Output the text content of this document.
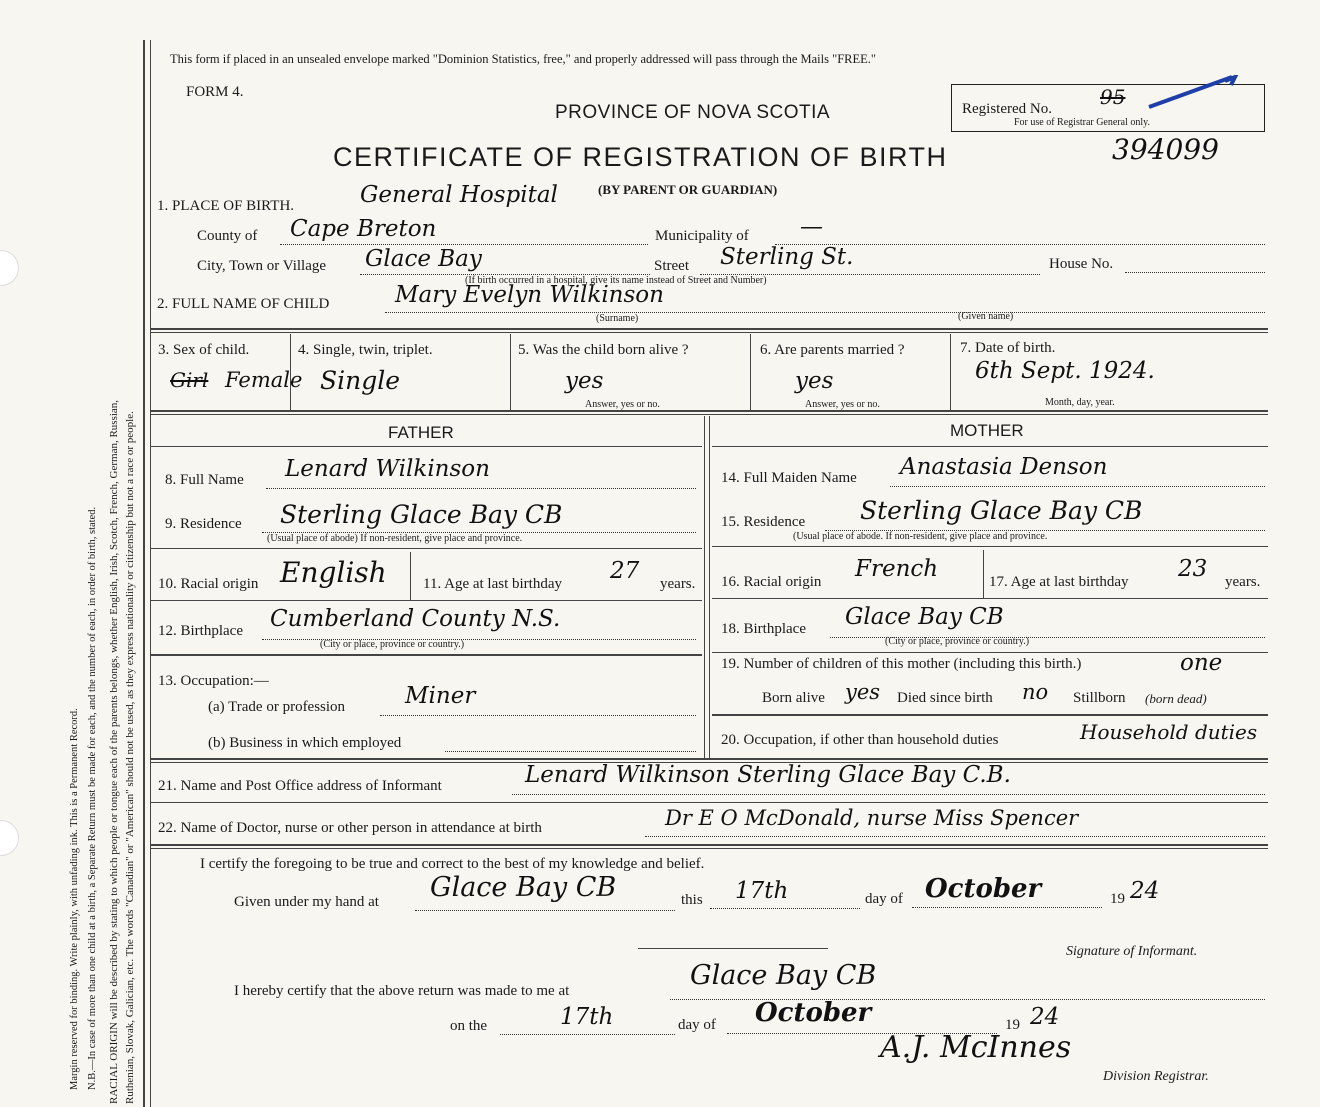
Margin reserved for binding. Write plainly, with unfading ink. This is a Permanent Record. N.B.—In case of more than one child at a birth, a Separate Return must be made for each, and the number of each, in order of birth, stated. RACIAL ORIGIN will be described by stating to which people or tongue each of the parents belongs, whether English, Irish, Scotch, French, German, Russian, Ruthenian, Slovak, Galician, etc. The words "Canadian" or "American" should not be used, as they express nationality or citizenship but not a race or people.
This form if placed in an unsealed envelope marked "Dominion Statistics, free," and properly addressed will pass through the Mails "FREE."
FORM 4.
PROVINCE OF NOVA SCOTIA
CERTIFICATE OF REGISTRATION OF BIRTH
(BY PARENT OR GUARDIAN)
Registered No. 95
For use of Registrar General only.
394099
1. PLACE OF BIRTH.	General Hospital
County of Cape Breton	Municipality of —
City, Town or Village Glace Bay	Street Sterling St.	House No.
(If birth occurred in a hospital, give its name instead of Street and Number)
2. FULL NAME OF CHILD	Mary Evelyn Wilkinson
(Surname)	(Given name)
3. Sex of child.
Girl Female
4. Single, twin, triplet.
Single
5. Was the child born alive ?
yes
Answer, yes or no.
6. Are parents married ?
yes
Answer, yes or no.
7. Date of birth.
6th Sept. 1924.
Month, day, year.
FATHER	MOTHER
8. Full Name Lenard Wilkinson
9. Residence Sterling Glace Bay CB
(Usual place of abode) If non-resident, give place and province.
10. Racial origin English 11. Age at last birthday 27 years.
12. Birthplace Cumberland County N.S.
(City or place, province or country.)
13. Occupation:—
(a) Trade or profession	Miner
(b) Business in which employed
14. Full Maiden Name Anastasia Denson
15. Residence Sterling Glace Bay CB
(Usual place of abode. If non-resident, give place and province.
16. Racial origin French	17. Age at last birthday 23 years.
18. Birthplace Glace Bay CB
(City or place, province or country.)
19. Number of children of this mother (including this birth.)	one
Born alive yes Died since birth no Stillborn (born dead)
20. Occupation, if other than household duties	Household duties
21. Name and Post Office address of Informant	Lenard Wilkinson Sterling Glace Bay C.B.
22. Name of Doctor, nurse or other person in attendance at birth	Dr E O McDonald, nurse Miss Spencer
I certify the foregoing to be true and correct to the best of my knowledge and belief.
Given under my hand at Glace Bay CB	this 17th	day of October	19 24
Signature of Informant.
I hereby certify that the above return was made to me at	Glace Bay CB
on the	17th	day of October	19 24
A.J. McInnes
Division Registrar.
